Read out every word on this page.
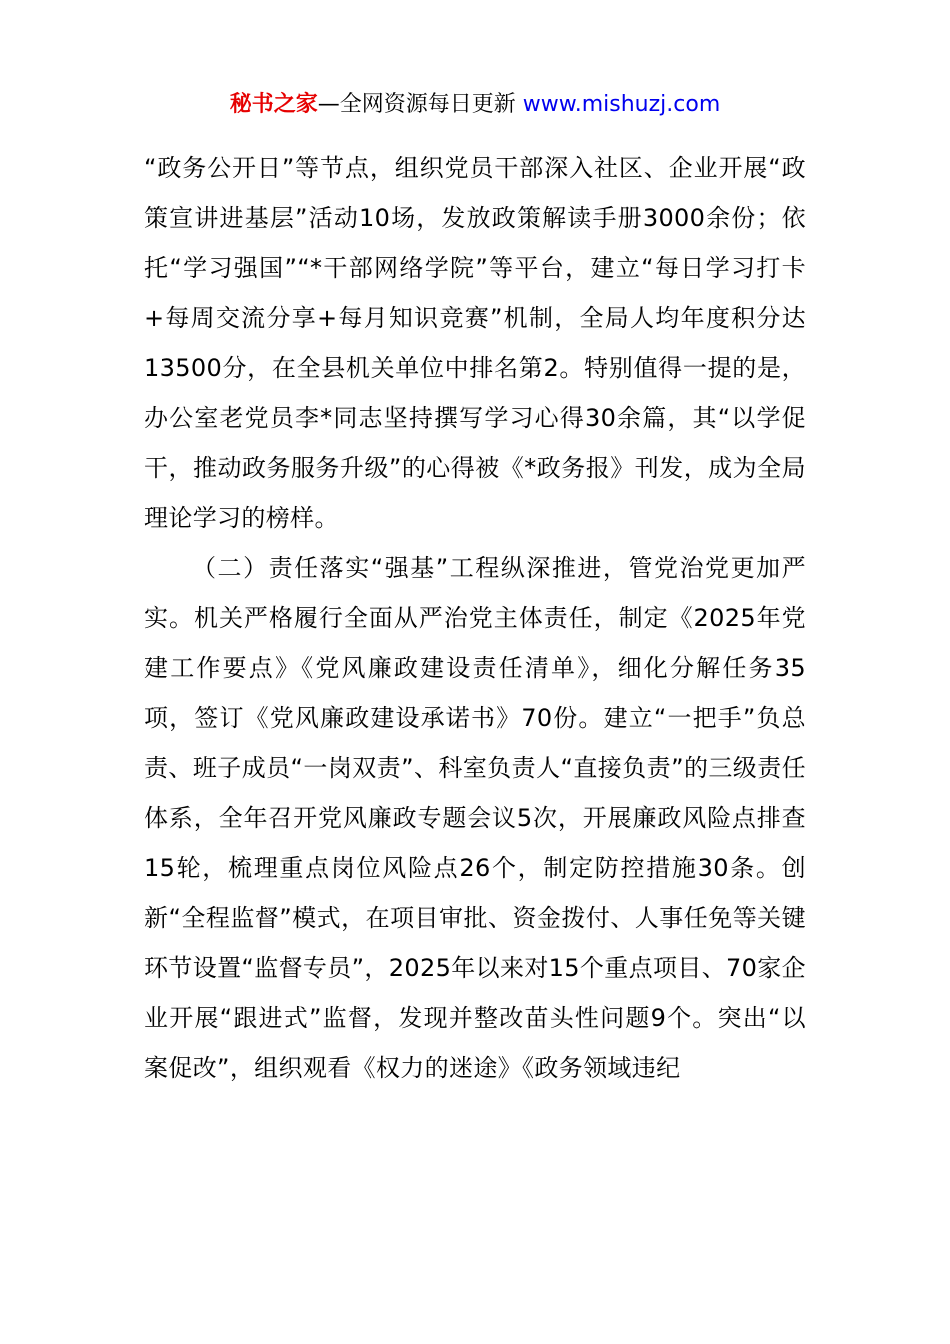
秘书之家—全网资源每日更新 www.mishuzj.com

“政务公开日”等节点，组织党员干部深入社区、企业开展“政策宣讲进基层”活动10场，发放政策解读手册3000余份；依托“学习强国”“*干部网络学院”等平台，建立“每日学习打卡+每周交流分享+每月知识竞赛”机制，全局人均年度积分达13500分，在全县机关单位中排名第2。特别值得一提的是，办公室老党员李*同志坚持撰写学习心得30余篇，其“以学促干，推动政务服务升级”的心得被《*政务报》刊发，成为全局理论学习的榜样。

（二）责任落实“强基”工程纵深推进，管党治党更加严实。机关严格履行全面从严治党主体责任，制定《2025年党建工作要点》《党风廉政建设责任清单》，细化分解任务35项，签订《党风廉政建设承诺书》70份。建立“一把手”负总责、班子成员“一岗双责”、科室负责人“直接负责”的三级责任体系，全年召开党风廉政专题会议5次，开展廉政风险点排查15轮，梳理重点岗位风险点26个，制定防控措施30条。创新“全程监督”模式，在项目审批、资金拨付、人事任免等关键环节设置“监督专员”，2025年以来对15个重点项目、70家企业开展“跟进式”监督，发现并整改苗头性问题9个。突出“以案促改”，组织观看《权力的迷途》《政务领域违纪
